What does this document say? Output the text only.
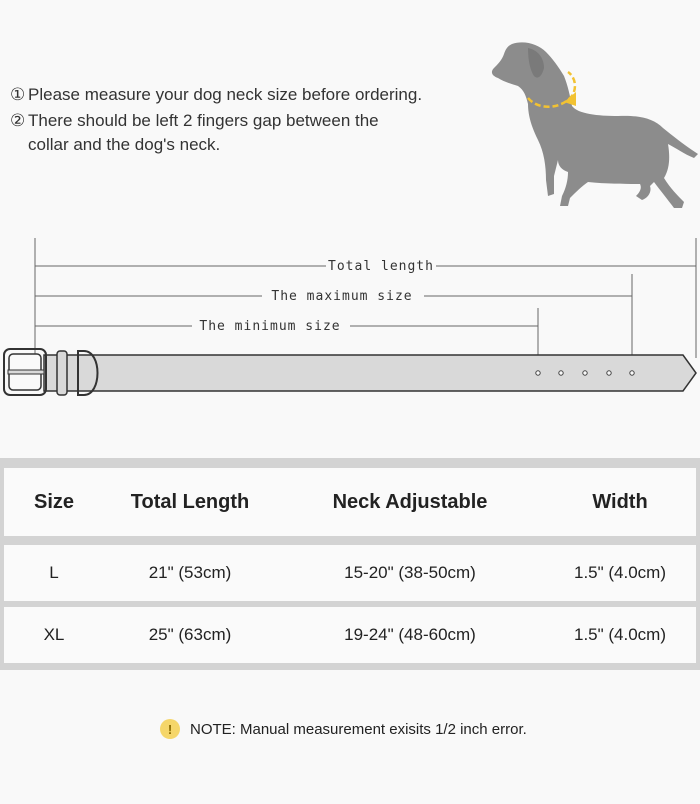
① Please measure your dog neck size before ordering.
② There should be left 2 fingers gap between the
collar and the dog's neck.
Total length
The maximum size
The minimum size
Size	Total Length	Neck Adjustable	Width
L	21" (53cm)	15-20" (38-50cm)	1.5" (4.0cm)
XL	25" (63cm)	19-24" (48-60cm)	1.5" (4.0cm)
!	NOTE: Manual measurement exisits 1/2 inch error.
